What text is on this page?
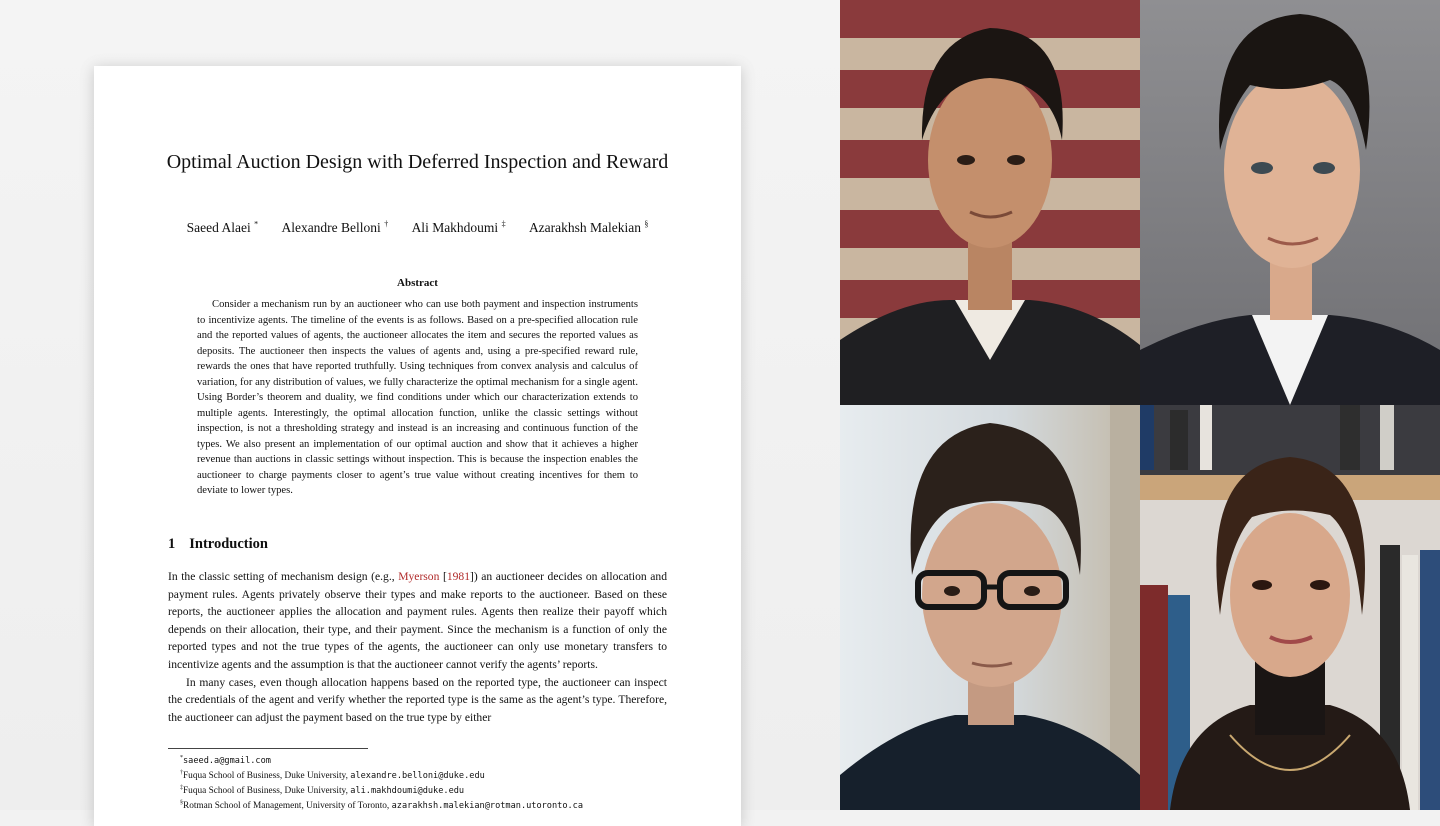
Optimal Auction Design with Deferred Inspection and Reward
Saeed Alaei * Alexandre Belloni † Ali Makhdoumi ‡ Azarakhsh Malekian §
Abstract
Consider a mechanism run by an auctioneer who can use both payment and inspection instruments to incentivize agents. The timeline of the events is as follows. Based on a pre-specified allocation rule and the reported values of agents, the auctioneer allocates the item and secures the reported values as deposits. The auctioneer then inspects the values of agents and, using a pre-specified reward rule, rewards the ones that have reported truthfully. Using techniques from convex analysis and calculus of variation, for any distribution of values, we fully characterize the optimal mechanism for a single agent. Using Border’s theorem and duality, we find conditions under which our characterization extends to multiple agents. Interestingly, the optimal allocation function, unlike the classic settings without inspection, is not a thresholding strategy and instead is an increasing and continuous function of the types. We also present an implementation of our optimal auction and show that it achieves a higher revenue than auctions in classic settings without inspection. This is because the inspection enables the auctioneer to charge payments closer to agent’s true value without creating incentives for them to deviate to lower types.
1 Introduction

In the classic setting of mechanism design (e.g., Myerson [1981]) an auctioneer decides on allocation and payment rules. Agents privately observe their types and make reports to the auctioneer. Based on these reports, the auctioneer applies the allocation and payment rules. Agents then realize their payoff which depends on their allocation, their type, and their payment. Since the mechanism is a function of only the reported types and not the true types of the agents, the auctioneer can only use monetary transfers to incentivize agents and the assumption is that the auctioneer cannot verify the agents’ reports.

In many cases, even though allocation happens based on the reported type, the auctioneer can inspect the credentials of the agent and verify whether the reported type is the same as the agent’s type. Therefore, the auctioneer can adjust the payment based on the true type by either

*saeed.a@gmail.com
†Fuqua School of Business, Duke University, alexandre.belloni@duke.edu
‡Fuqua School of Business, Duke University, ali.makhdoumi@duke.edu
§Rotman School of Management, University of Toronto, azarakhsh.malekian@rotman.utoronto.ca
